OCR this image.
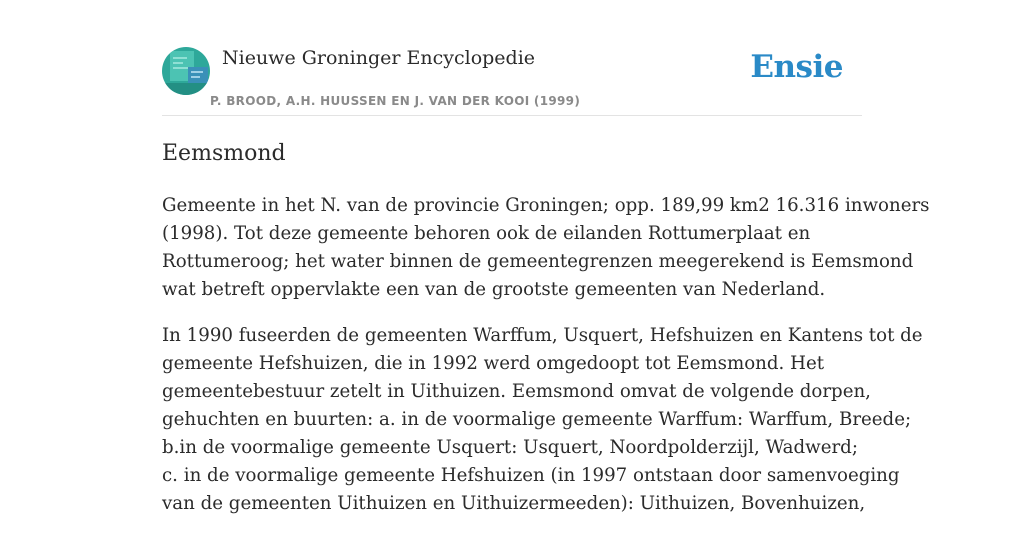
Nieuwe Groninger Encyclopedie
P. BROOD, A.H. HUUSSEN EN J. VAN DER KOOI (1999)
Ensie
Eemsmond

Gemeente in het N. van de provincie Groningen; opp. 189,99 km2 16.316 inwoners
(1998). Tot deze gemeente behoren ook de eilanden Rottumerplaat en
Rottumeroog; het water binnen de gemeentegrenzen meegerekend is Eemsmond
wat betreft oppervlakte een van de grootste gemeenten van Nederland.

In 1990 fuseerden de gemeenten Warffum, Usquert, Hefshuizen en Kantens tot de
gemeente Hefshuizen, die in 1992 werd omgedoopt tot Eemsmond. Het
gemeentebestuur zetelt in Uithuizen. Eemsmond omvat de volgende dorpen,
gehuchten en buurten: a. in de voormalige gemeente Warffum: Warffum, Breede;
b.in de voormalige gemeente Usquert: Usquert, Noordpolderzijl, Wadwerd;
c. in de voormalige gemeente Hefshuizen (in 1997 ontstaan door samenvoeging
van de gemeenten Uithuizen en Uithuizermeeden): Uithuizen, Bovenhuizen,
